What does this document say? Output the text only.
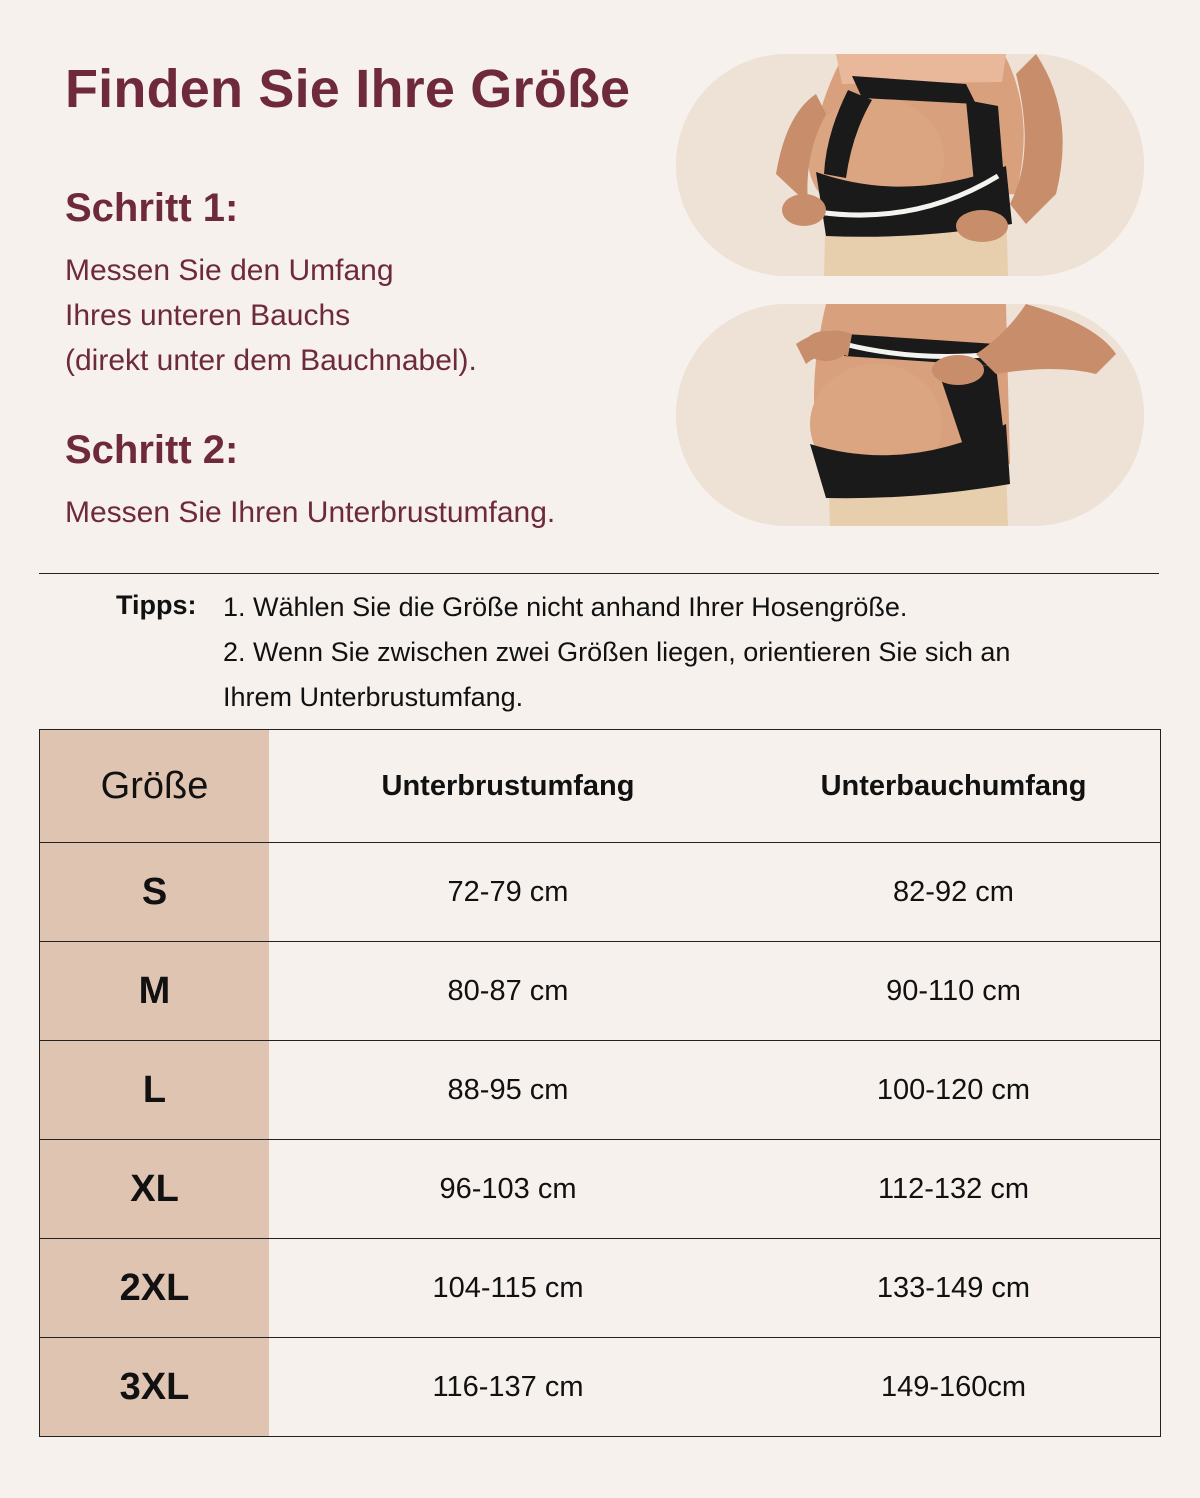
Finden Sie Ihre Größe
Schritt 1:
Messen Sie den Umfang
Ihres unteren Bauchs
(direkt unter dem Bauchnabel).
Schritt 2:
Messen Sie Ihren Unterbrustumfang.
Tipps: 1. Wählen Sie die Größe nicht anhand Ihrer Hosengröße.
2. Wenn Sie zwischen zwei Größen liegen, orientieren Sie sich an
Ihrem Unterbrustumfang.
Größe	Unterbrustumfang	Unterbauchumfang
S	72-79 cm	82-92 cm
M	80-87 cm	90-110 cm
L	88-95 cm	100-120 cm
XL	96-103 cm	112-132 cm
2XL	104-115 cm	133-149 cm
3XL	116-137 cm	149-160cm
